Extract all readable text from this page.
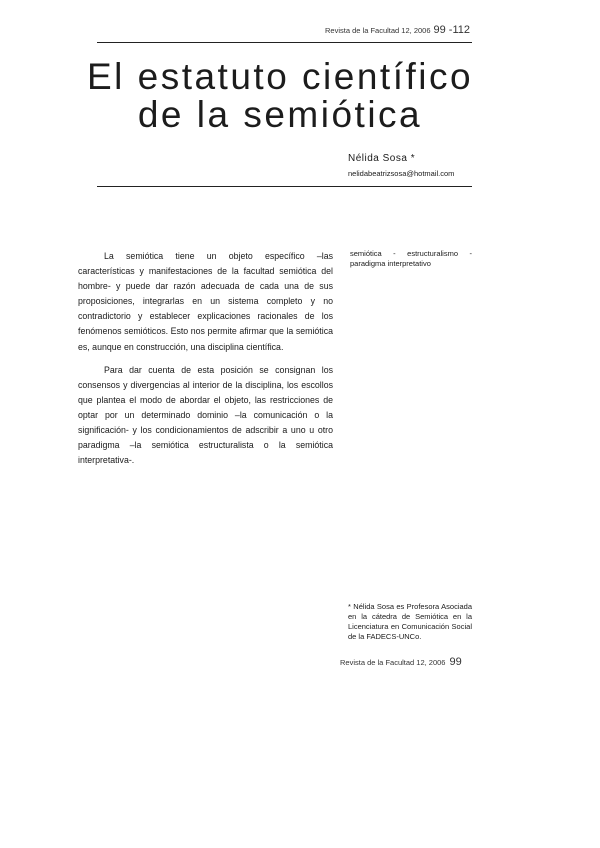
Revista de la Facultad 12, 2006 99 -112
El estatuto científico
de la semiótica
Nélida Sosa *
nelidabeatrizsosa@hotmail.com

La semiótica tiene un objeto específico –las características y manifestaciones de la facultad semiótica del hombre- y puede dar razón adecuada de cada una de sus proposiciones, integrarlas en un sistema completo y no contradictorio y establecer explicaciones racionales de los fenómenos semióticos. Esto nos permite afirmar que la semiótica es, aunque en construcción, una disciplina científica.

Para dar cuenta de esta posición se consignan los consensos y divergencias al interior de la disciplina, los escollos que plantea el modo de abordar el objeto, las restricciones de optar por un determinado dominio –la comunicación o la significación- y los condicionamientos de adscribir a uno u otro paradigma –la semiótica estructuralista o la semiótica interpretativa-.

semiótica - estructuralismo - paradigma interpretativo
* Nélida Sosa es Profesora Asociada en la cátedra de Semiótica en la Licenciatura en Comunicación Social de la FADECS-UNCo.
Revista de la Facultad 12, 2006 99
